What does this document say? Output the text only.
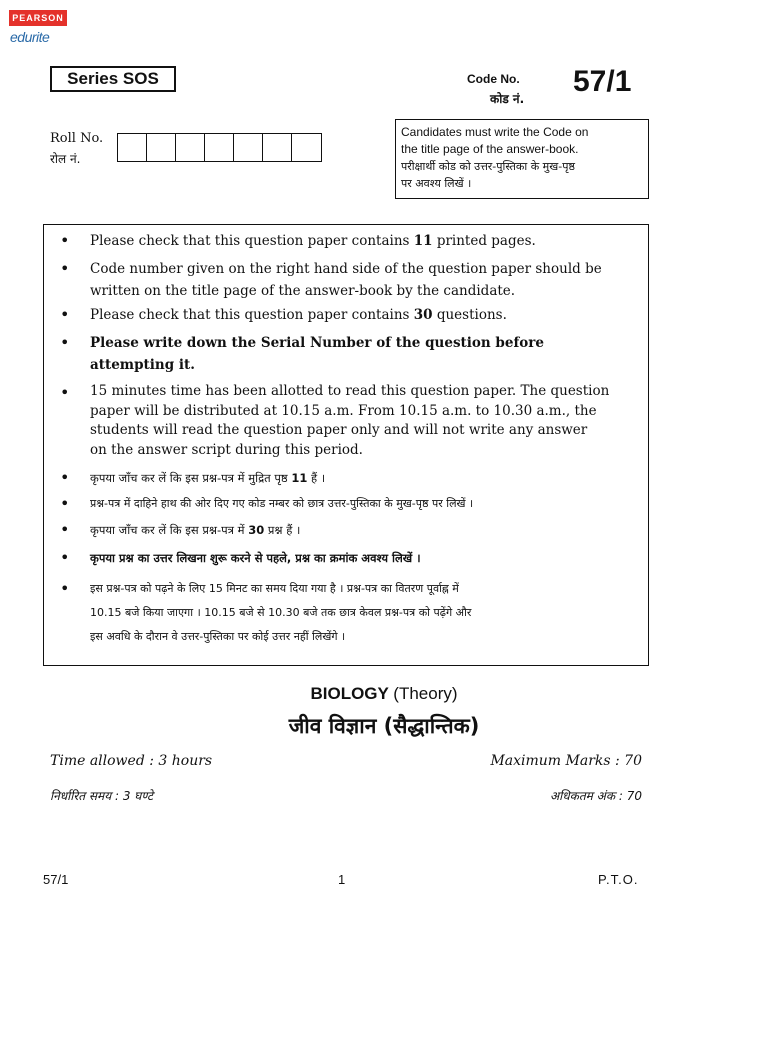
PEARSON
edurite
Series SOS	Code No.
कोड नं.
57/1
Roll No.
रोल नं.
Candidates must write the Code on
the title page of the answer-book.
परीक्षार्थी कोड को उत्तर-पुस्तिका के मुख-पृष्ठ
पर अवश्य लिखें ।
• Please check that this question paper contains 11 printed pages.
• Code number given on the right hand side of the question paper should be
written on the title page of the answer-book by the candidate.
• Please check that this question paper contains 30 questions.
• Please write down the Serial Number of the question before
attempting it.
• 15 minutes time has been allotted to read this question paper. The question
paper will be distributed at 10.15 a.m. From 10.15 a.m. to 10.30 a.m., the
students will read the question paper only and will not write any answer
on the answer script during this period.
• कृपया जाँच कर लें कि इस प्रश्न-पत्र में मुद्रित पृष्ठ 11 हैं ।
• प्रश्न-पत्र में दाहिने हाथ की ओर दिए गए कोड नम्बर को छात्र उत्तर-पुस्तिका के मुख-पृष्ठ पर लिखें ।
• कृपया जाँच कर लें कि इस प्रश्न-पत्र में 30 प्रश्न हैं ।
• कृपया प्रश्न का उत्तर लिखना शुरू करने से पहले, प्रश्न का क्रमांक अवश्य लिखें ।
• इस प्रश्न-पत्र को पढ़ने के लिए 15 मिनट का समय दिया गया है । प्रश्न-पत्र का वितरण पूर्वाह्न में
10.15 बजे किया जाएगा । 10.15 बजे से 10.30 बजे तक छात्र केवल प्रश्न-पत्र को पढ़ेंगे और
इस अवधि के दौरान वे उत्तर-पुस्तिका पर कोई उत्तर नहीं लिखेंगे ।
BIOLOGY (Theory)
जीव विज्ञान (सैद्धान्तिक)
Time allowed : 3 hours
निर्धारित समय : 3 घण्टे
Maximum Marks : 70
अधिकतम अंक : 70
57/1	1	P.T.O.
